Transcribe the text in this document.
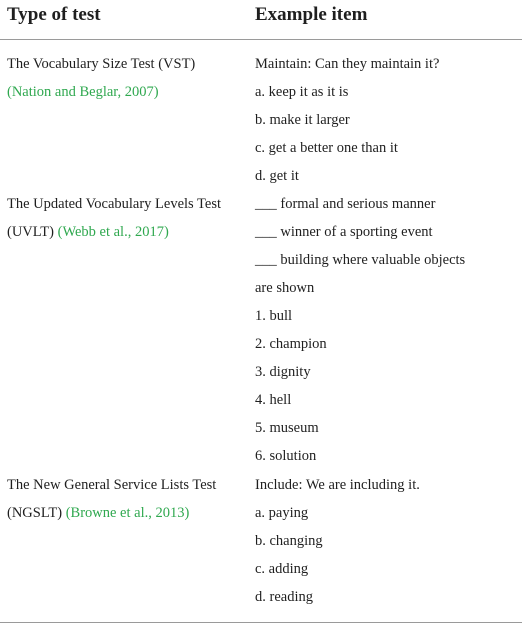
Type of test	Example item
The Vocabulary Size Test (VST)
(Nation and Beglar, 2007)
Maintain: Can they maintain it?
a. keep it as it is
b. make it larger
c. get a better one than it
d. get it
The Updated Vocabulary Levels Test
(UVLT) (Webb et al., 2017)
___ formal and serious manner
___ winner of a sporting event
___ building where valuable objects
are shown
1. bull
2. champion
3. dignity
4. hell
5. museum
6. solution
The New General Service Lists Test
(NGSLT) (Browne et al., 2013)
Include: We are including it.
a. paying
b. changing
c. adding
d. reading
